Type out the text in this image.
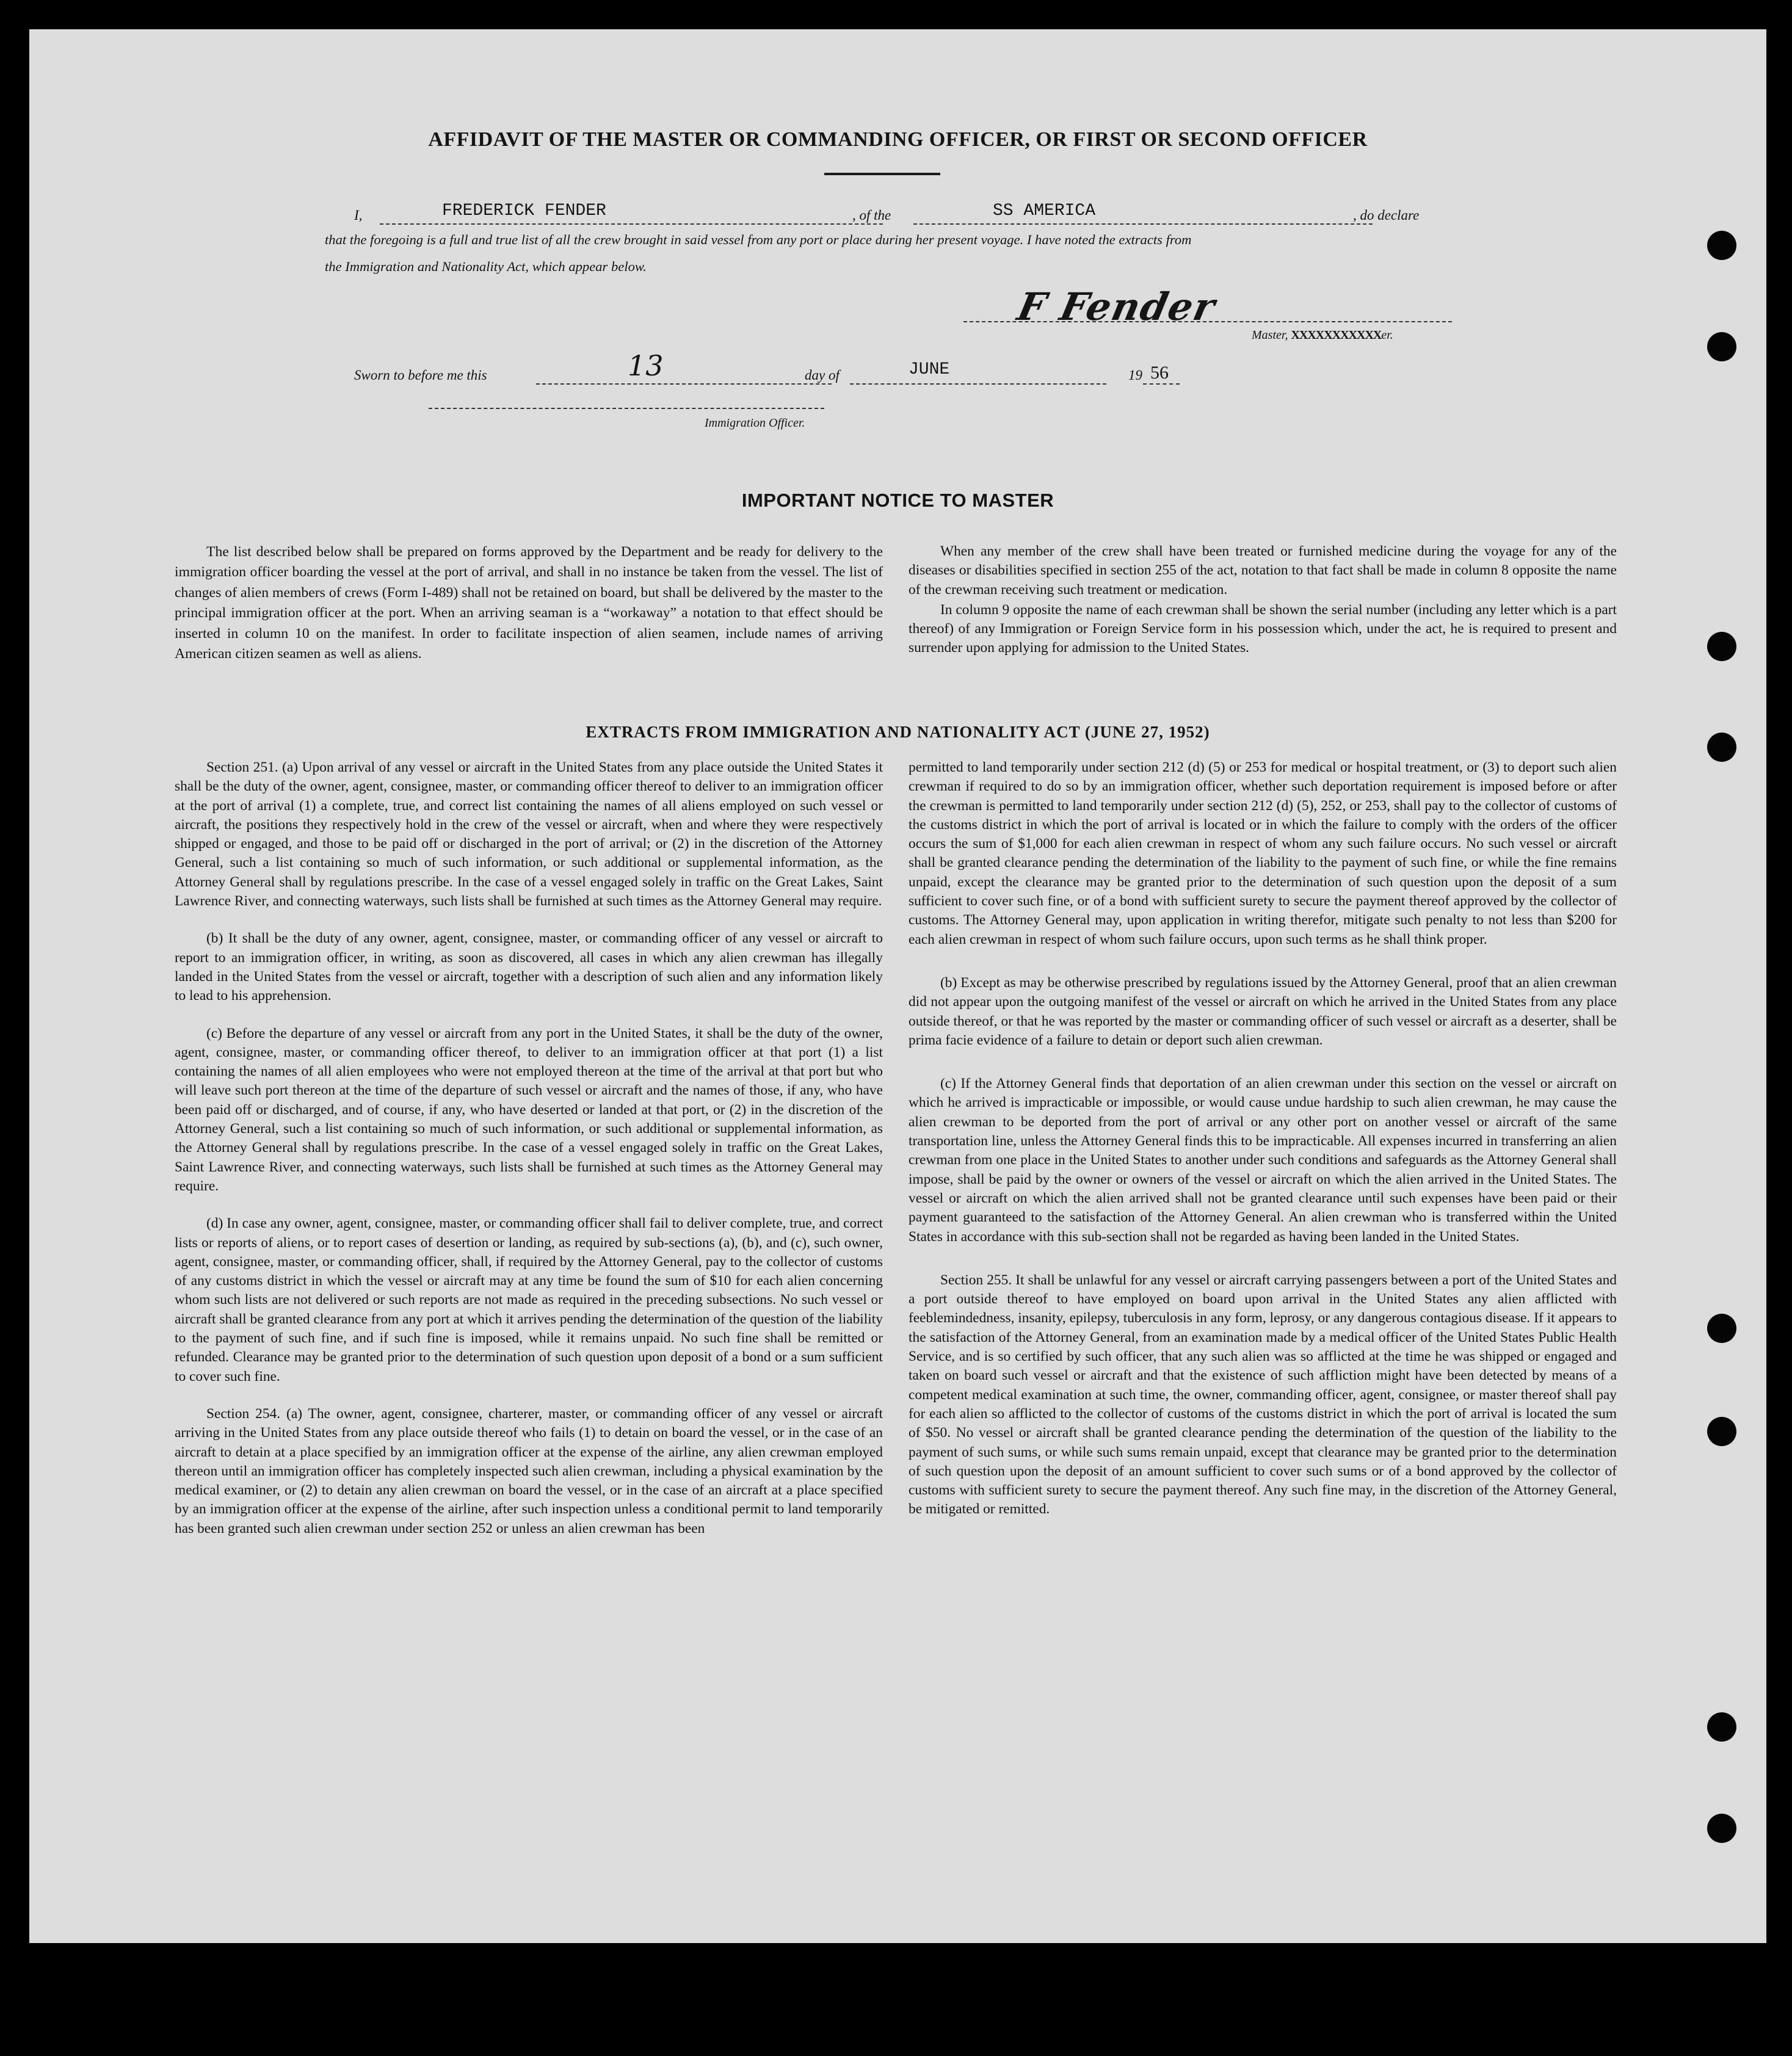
AFFIDAVIT OF THE MASTER OR COMMANDING OFFICER, OR FIRST OR SECOND OFFICER
I,	FREDERICK FENDER	, of the	SS AMERICA	, do declare
that the foregoing is a full and true list of all the crew brought in said vessel from any port or place during her present voyage. I have noted the extracts from
the Immigration and Nationality Act, which appear below.
F Fender
Master, XXXXXXXXXXXer.
Sworn to before me this	13	day of	JUNE	19 56
Immigration Officer.
IMPORTANT NOTICE TO MASTER

The list described below shall be prepared on forms approved by the Department and be ready for delivery to the immigration officer boarding the vessel at the port of arrival, and shall in no instance be taken from the vessel. The list of changes of alien members of crews (Form I-489) shall not be retained on board, but shall be delivered by the master to the principal immigration officer at the port. When an arriving seaman is a “workaway” a notation to that effect should be inserted in column 10 on the manifest. In order to facilitate inspection of alien seamen, include names of arriving American citizen seamen as well as aliens.

When any member of the crew shall have been treated or furnished medicine during the voyage for any of the diseases or disabilities specified in section 255 of the act, notation to that fact shall be made in column 8 opposite the name of the crewman receiving such treatment or medication.

In column 9 opposite the name of each crewman shall be shown the serial number (including any letter which is a part thereof) of any Immigration or Foreign Service form in his possession which, under the act, he is required to present and surrender upon applying for admission to the United States.

EXTRACTS FROM IMMIGRATION AND NATIONALITY ACT (JUNE 27, 1952)

Section 251. (a) Upon arrival of any vessel or aircraft in the United States from any place outside the United States it shall be the duty of the owner, agent, consignee, master, or commanding officer thereof to deliver to an immigration officer at the port of arrival (1) a complete, true, and correct list containing the names of all aliens employed on such vessel or aircraft, the positions they respectively hold in the crew of the vessel or aircraft, when and where they were respectively shipped or engaged, and those to be paid off or discharged in the port of arrival; or (2) in the discretion of the Attorney General, such a list containing so much of such information, or such additional or supplemental information, as the Attorney General shall by regulations prescribe. In the case of a vessel engaged solely in traffic on the Great Lakes, Saint Lawrence River, and connecting waterways, such lists shall be furnished at such times as the Attorney General may require.

(b) It shall be the duty of any owner, agent, consignee, master, or commanding officer of any vessel or aircraft to report to an immigration officer, in writing, as soon as discovered, all cases in which any alien crewman has illegally landed in the United States from the vessel or aircraft, together with a description of such alien and any information likely to lead to his apprehension.

(c) Before the departure of any vessel or aircraft from any port in the United States, it shall be the duty of the owner, agent, consignee, master, or commanding officer thereof, to deliver to an immigration officer at that port (1) a list containing the names of all alien employees who were not employed thereon at the time of the arrival at that port but who will leave such port thereon at the time of the departure of such vessel or aircraft and the names of those, if any, who have been paid off or discharged, and of course, if any, who have deserted or landed at that port, or (2) in the discretion of the Attorney General, such a list containing so much of such information, or such additional or supplemental information, as the Attorney General shall by regulations prescribe. In the case of a vessel engaged solely in traffic on the Great Lakes, Saint Lawrence River, and connecting waterways, such lists shall be furnished at such times as the Attorney General may require.

(d) In case any owner, agent, consignee, master, or commanding officer shall fail to deliver complete, true, and correct lists or reports of aliens, or to report cases of desertion or landing, as required by sub-sections (a), (b), and (c), such owner, agent, consignee, master, or commanding officer, shall, if required by the Attorney General, pay to the collector of customs of any customs district in which the vessel or aircraft may at any time be found the sum of $10 for each alien concerning whom such lists are not delivered or such reports are not made as required in the preceding subsections. No such vessel or aircraft shall be granted clearance from any port at which it arrives pending the determination of the question of the liability to the payment of such fine, and if such fine is imposed, while it remains unpaid. No such fine shall be remitted or refunded. Clearance may be granted prior to the determination of such question upon deposit of a bond or a sum sufficient to cover such fine.

Section 254. (a) The owner, agent, consignee, charterer, master, or commanding officer of any vessel or aircraft arriving in the United States from any place outside thereof who fails (1) to detain on board the vessel, or in the case of an aircraft to detain at a place specified by an immigration officer at the expense of the airline, any alien crewman employed thereon until an immigration officer has completely inspected such alien crewman, including a physical examination by the medical examiner, or (2) to detain any alien crewman on board the vessel, or in the case of an aircraft at a place specified by an immigration officer at the expense of the airline, after such inspection unless a conditional permit to land temporarily has been granted such alien crewman under section 252 or unless an alien crewman has been

permitted to land temporarily under section 212 (d) (5) or 253 for medical or hospital treatment, or (3) to deport such alien crewman if required to do so by an immigration officer, whether such deportation requirement is imposed before or after the crewman is permitted to land temporarily under section 212 (d) (5), 252, or 253, shall pay to the collector of customs of the customs district in which the port of arrival is located or in which the failure to comply with the orders of the officer occurs the sum of $1,000 for each alien crewman in respect of whom any such failure occurs. No such vessel or aircraft shall be granted clearance pending the determination of the liability to the payment of such fine, or while the fine remains unpaid, except the clearance may be granted prior to the determination of such question upon the deposit of a sum sufficient to cover such fine, or of a bond with sufficient surety to secure the payment thereof approved by the collector of customs. The Attorney General may, upon application in writing therefor, mitigate such penalty to not less than $200 for each alien crewman in respect of whom such failure occurs, upon such terms as he shall think proper.

(b) Except as may be otherwise prescribed by regulations issued by the Attorney General, proof that an alien crewman did not appear upon the outgoing manifest of the vessel or aircraft on which he arrived in the United States from any place outside thereof, or that he was reported by the master or commanding officer of such vessel or aircraft as a deserter, shall be prima facie evidence of a failure to detain or deport such alien crewman.

(c) If the Attorney General finds that deportation of an alien crewman under this section on the vessel or aircraft on which he arrived is impracticable or impossible, or would cause undue hardship to such alien crewman, he may cause the alien crewman to be deported from the port of arrival or any other port on another vessel or aircraft of the same transportation line, unless the Attorney General finds this to be impracticable. All expenses incurred in transferring an alien crewman from one place in the United States to another under such conditions and safeguards as the Attorney General shall impose, shall be paid by the owner or owners of the vessel or aircraft on which the alien arrived in the United States. The vessel or aircraft on which the alien arrived shall not be granted clearance until such expenses have been paid or their payment guaranteed to the satisfaction of the Attorney General. An alien crewman who is transferred within the United States in accordance with this sub-section shall not be regarded as having been landed in the United States.

Section 255. It shall be unlawful for any vessel or aircraft carrying passengers between a port of the United States and a port outside thereof to have employed on board upon arrival in the United States any alien afflicted with feeblemindedness, insanity, epilepsy, tuberculosis in any form, leprosy, or any dangerous contagious disease. If it appears to the satisfaction of the Attorney General, from an examination made by a medical officer of the United States Public Health Service, and is so certified by such officer, that any such alien was so afflicted at the time he was shipped or engaged and taken on board such vessel or aircraft and that the existence of such affliction might have been detected by means of a competent medical examination at such time, the owner, commanding officer, agent, consignee, or master thereof shall pay for each alien so afflicted to the collector of customs of the customs district in which the port of arrival is located the sum of $50. No vessel or aircraft shall be granted clearance pending the determination of the question of the liability to the payment of such sums, or while such sums remain unpaid, except that clearance may be granted prior to the determination of such question upon the deposit of an amount sufficient to cover such sums or of a bond approved by the collector of customs with sufficient surety to secure the payment thereof. Any such fine may, in the discretion of the Attorney General, be mitigated or remitted.
